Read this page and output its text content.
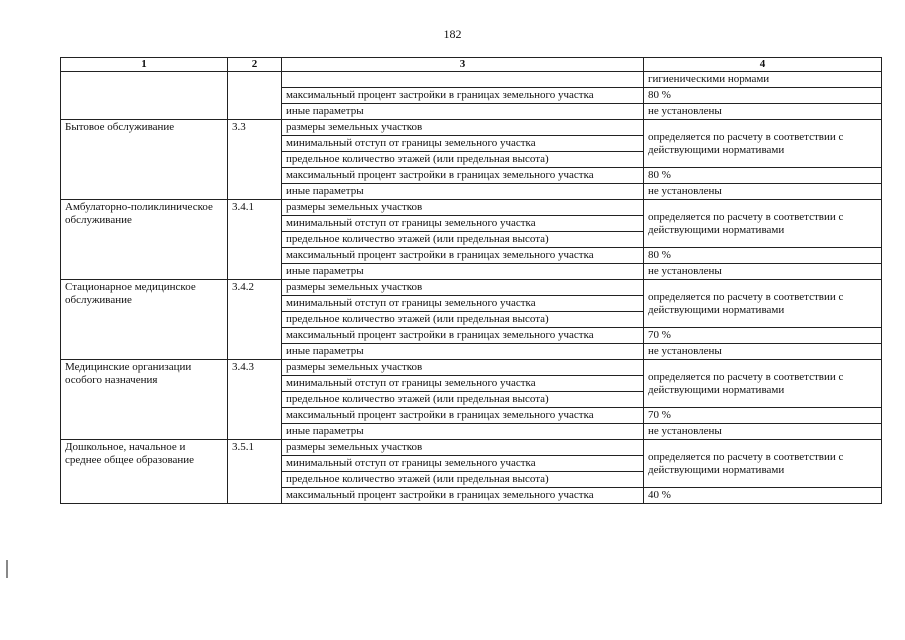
182
1	2	3	4
			гигиеническими нормами
		максимальный процент застройки в границах земельного участка	80 %
		иные параметры	не установлены
Бытовое обслуживание	3.3	размеры земельных участков	определяется по расчету в соответствии с действующими нормативами
		минимальный отступ от границы земельного участка	
		предельное количество этажей (или предельная высота)	
		максимальный процент застройки в границах земельного участка	80 %
		иные параметры	не установлены
Амбулаторно-поликлиническое обслуживание	3.4.1	размеры земельных участков	определяется по расчету в соответствии с действующими нормативами
		минимальный отступ от границы земельного участка	
		предельное количество этажей (или предельная высота)	
		максимальный процент застройки в границах земельного участка	80 %
		иные параметры	не установлены
Стационарное медицинское обслуживание	3.4.2	размеры земельных участков	определяется по расчету в соответствии с действующими нормативами
		минимальный отступ от границы земельного участка	
		предельное количество этажей (или предельная высота)	
		максимальный процент застройки в границах земельного участка	70 %
		иные параметры	не установлены
Медицинские организации особого назначения	3.4.3	размеры земельных участков	определяется по расчету в соответствии с действующими нормативами
		минимальный отступ от границы земельного участка	
		предельное количество этажей (или предельная высота)	
		максимальный процент застройки в границах земельного участка	70 %
		иные параметры	не установлены
Дошкольное, начальное и среднее общее образование	3.5.1	размеры земельных участков	определяется по расчету в соответствии с действующими нормативами
		минимальный отступ от границы земельного участка	
		предельное количество этажей (или предельная высота)	
		максимальный процент застройки в границах земельного участка	40 %
